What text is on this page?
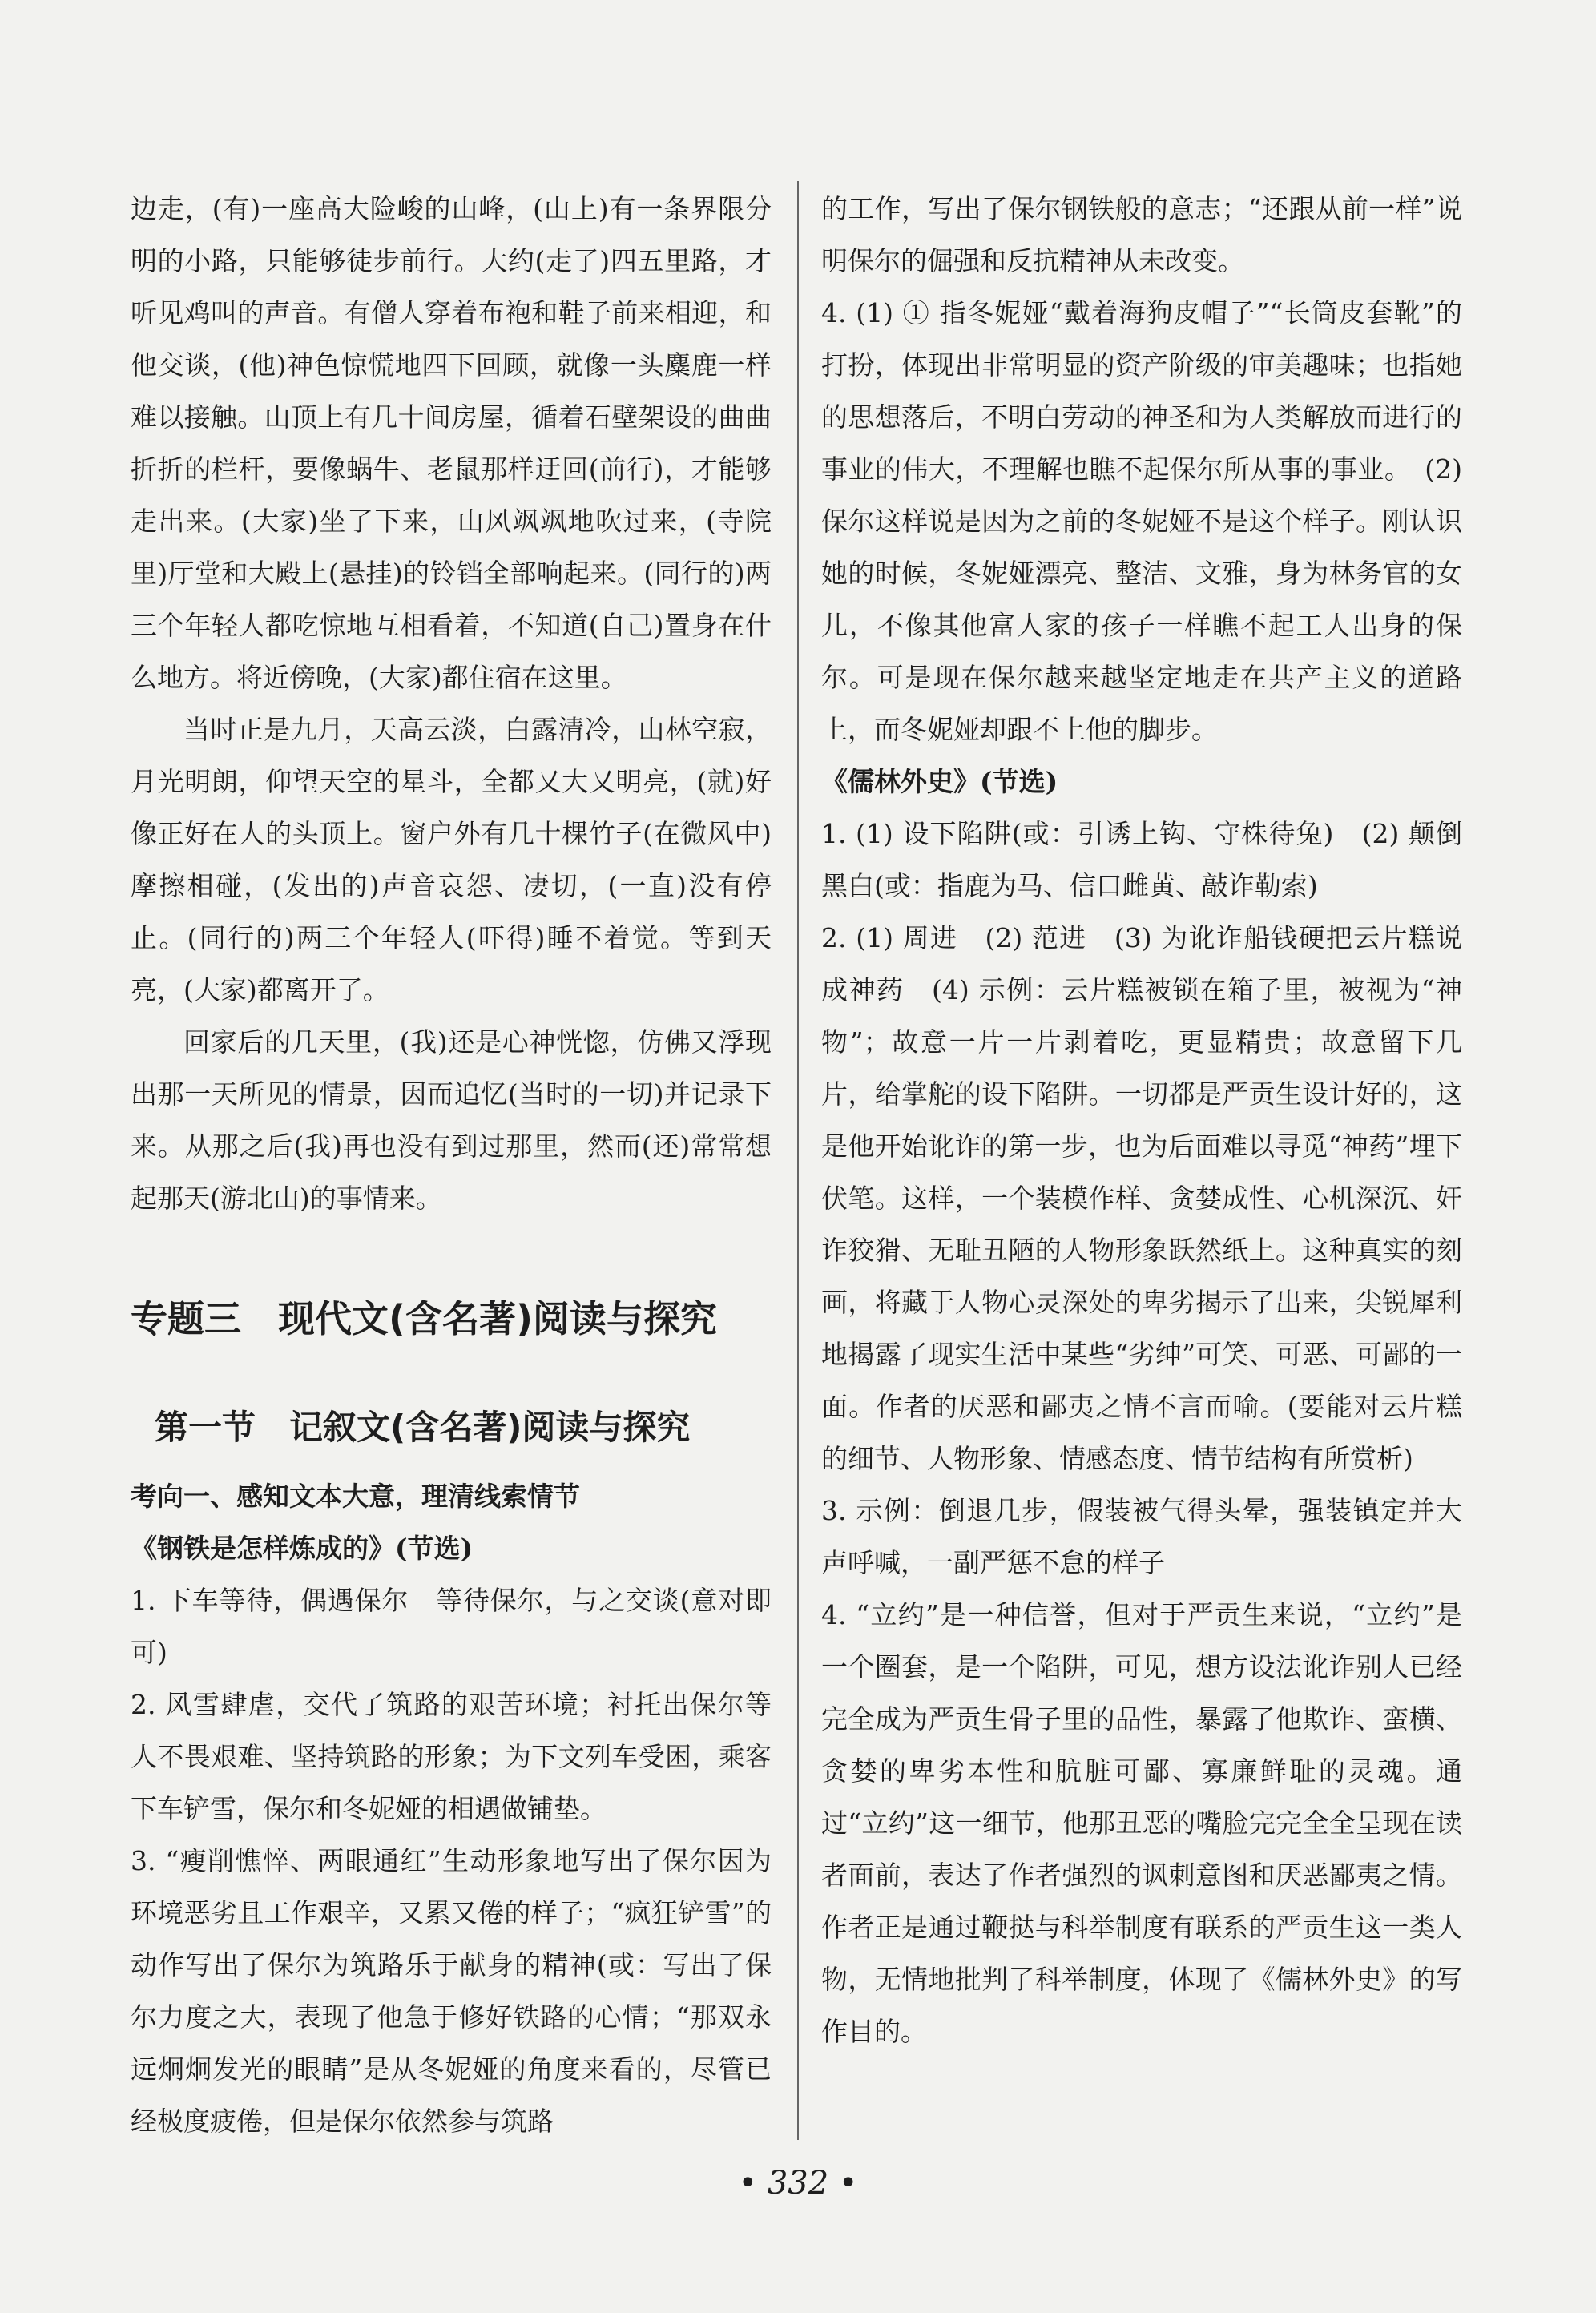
边走，(有)一座高大险峻的山峰，(山上)有一条界限分明的小路，只能够徒步前行。大约(走了)四五里路，才听见鸡叫的声音。有僧人穿着布袍和鞋子前来相迎，和他交谈，(他)神色惊慌地四下回顾，就像一头麋鹿一样难以接触。山顶上有几十间房屋，循着石壁架设的曲曲折折的栏杆，要像蜗牛、老鼠那样迂回(前行)，才能够走出来。(大家)坐了下来，山风飒飒地吹过来，(寺院里)厅堂和大殿上(悬挂)的铃铛全部响起来。(同行的)两三个年轻人都吃惊地互相看着，不知道(自己)置身在什么地方。将近傍晚，(大家)都住宿在这里。

当时正是九月，天高云淡，白露清冷，山林空寂，月光明朗，仰望天空的星斗，全都又大又明亮，(就)好像正好在人的头顶上。窗户外有几十棵竹子(在微风中)摩擦相碰，(发出的)声音哀怨、凄切，(一直)没有停止。(同行的)两三个年轻人(吓得)睡不着觉。等到天亮，(大家)都离开了。

回家后的几天里，(我)还是心神恍惚，仿佛又浮现出那一天所见的情景，因而追忆(当时的一切)并记录下来。从那之后(我)再也没有到过那里，然而(还)常常想起那天(游北山)的事情来。

专题三　现代文(含名著)阅读与探究
第一节　记叙文(含名著)阅读与探究

考向一、感知文本大意，理清线索情节

《钢铁是怎样炼成的》(节选)

1. 下车等待，偶遇保尔　等待保尔，与之交谈(意对即可)

2. 风雪肆虐，交代了筑路的艰苦环境；衬托出保尔等人不畏艰难、坚持筑路的形象；为下文列车受困，乘客下车铲雪，保尔和冬妮娅的相遇做铺垫。

3. “瘦削憔悴、两眼通红”生动形象地写出了保尔因为环境恶劣且工作艰辛，又累又倦的样子；“疯狂铲雪”的动作写出了保尔为筑路乐于献身的精神(或：写出了保尔力度之大，表现了他急于修好铁路的心情；“那双永远炯炯发光的眼睛”是从冬妮娅的角度来看的，尽管已经极度疲倦，但是保尔依然参与筑路

的工作，写出了保尔钢铁般的意志；“还跟从前一样”说明保尔的倔强和反抗精神从未改变。

4. (1) ① 指冬妮娅“戴着海狗皮帽子”“长筒皮套靴”的打扮，体现出非常明显的资产阶级的审美趣味；也指她的思想落后，不明白劳动的神圣和为人类解放而进行的事业的伟大，不理解也瞧不起保尔所从事的事业。　(2) 保尔这样说是因为之前的冬妮娅不是这个样子。刚认识她的时候，冬妮娅漂亮、整洁、文雅，身为林务官的女儿，不像其他富人家的孩子一样瞧不起工人出身的保尔。可是现在保尔越来越坚定地走在共产主义的道路上，而冬妮娅却跟不上他的脚步。

《儒林外史》(节选)

1. (1) 设下陷阱(或：引诱上钩、守株待兔)　(2) 颠倒黑白(或：指鹿为马、信口雌黄、敲诈勒索)

2. (1) 周进　(2) 范进　(3) 为讹诈船钱硬把云片糕说成神药　(4) 示例：云片糕被锁在箱子里，被视为“神物”；故意一片一片剥着吃，更显精贵；故意留下几片，给掌舵的设下陷阱。一切都是严贡生设计好的，这是他开始讹诈的第一步，也为后面难以寻觅“神药”埋下伏笔。这样，一个装模作样、贪婪成性、心机深沉、奸诈狡猾、无耻丑陋的人物形象跃然纸上。这种真实的刻画，将藏于人物心灵深处的卑劣揭示了出来，尖锐犀利地揭露了现实生活中某些“劣绅”可笑、可恶、可鄙的一面。作者的厌恶和鄙夷之情不言而喻。(要能对云片糕的细节、人物形象、情感态度、情节结构有所赏析)

3. 示例：倒退几步，假装被气得头晕，强装镇定并大声呼喊，一副严惩不怠的样子

4. “立约”是一种信誉，但对于严贡生来说，“立约”是一个圈套，是一个陷阱，可见，想方设法讹诈别人已经完全成为严贡生骨子里的品性，暴露了他欺诈、蛮横、贪婪的卑劣本性和肮脏可鄙、寡廉鲜耻的灵魂。通过“立约”这一细节，他那丑恶的嘴脸完完全全呈现在读者面前，表达了作者强烈的讽刺意图和厌恶鄙夷之情。作者正是通过鞭挞与科举制度有联系的严贡生这一类人物，无情地批判了科举制度，体现了《儒林外史》的写作目的。

• 332 •
